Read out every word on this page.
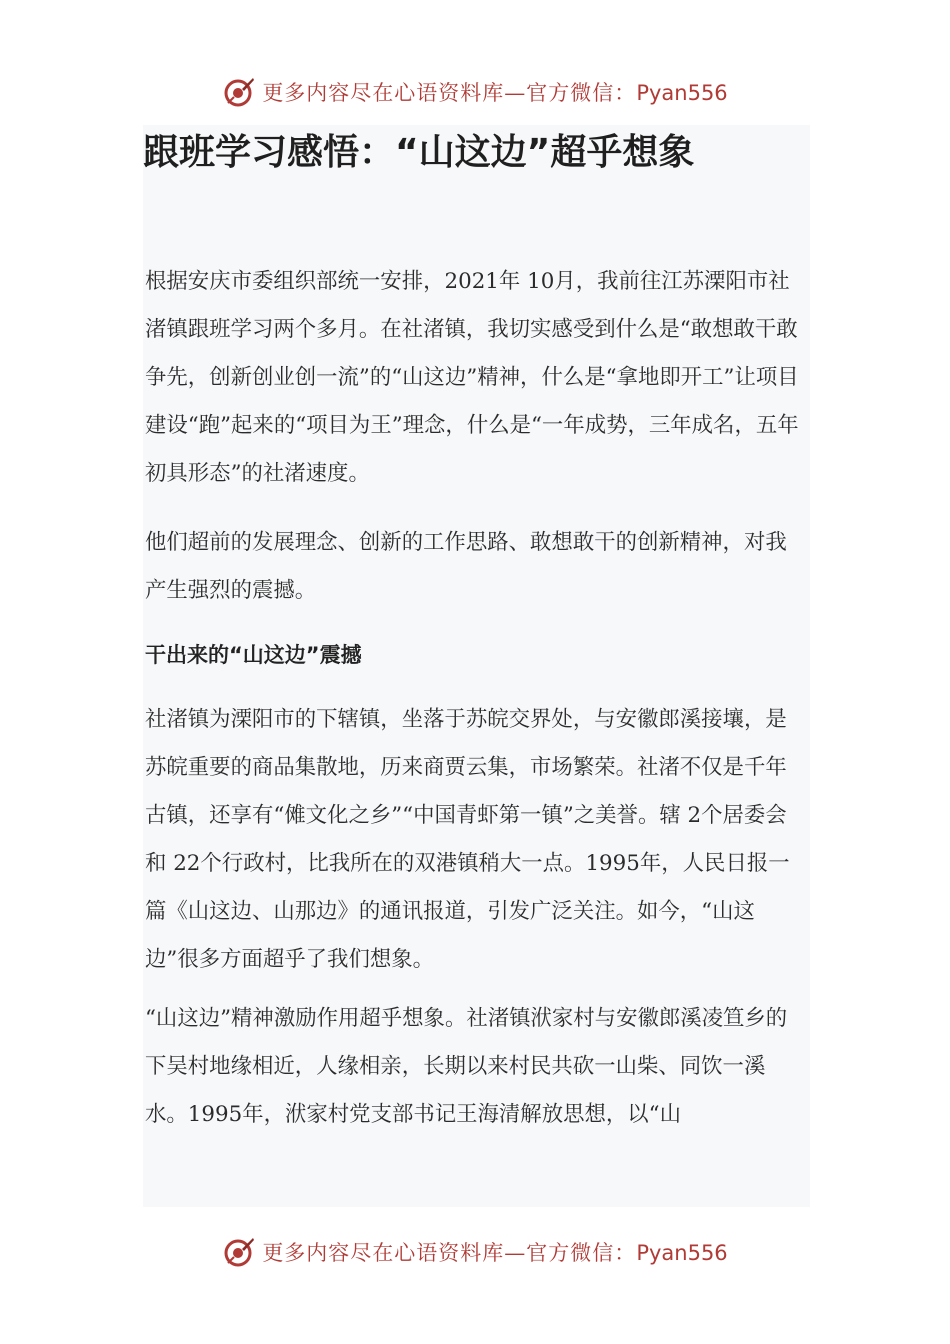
更多内容尽在心语资料库—官方微信：Pyan556
跟班学习感悟：“山这边”超乎想象

根据安庆市委组织部统一安排，2021年 10月，我前往江苏溧阳市社渚镇跟班学习两个多月。在社渚镇，我切实感受到什么是“敢想敢干敢争先，创新创业创一流”的“山这边”精神，什么是“拿地即开工”让项目建设“跑”起来的“项目为王”理念，什么是“一年成势，三年成名，五年初具形态”的社渚速度。

他们超前的发展理念、创新的工作思路、敢想敢干的创新精神，对我产生强烈的震撼。

干出来的“山这边”震撼

社渚镇为溧阳市的下辖镇，坐落于苏皖交界处，与安徽郎溪接壤，是苏皖重要的商品集散地，历来商贾云集，市场繁荣。社渚不仅是千年古镇，还享有“傩文化之乡”“中国青虾第一镇”之美誉。辖 2个居委会和 22个行政村，比我所在的双港镇稍大一点。1995年，人民日报一篇《山这边、山那边》的通讯报道，引发广泛关注。如今，“山这边”很多方面超乎了我们想象。

“山这边”精神激励作用超乎想象。社渚镇洑家村与安徽郎溪凌笪乡的下吴村地缘相近，人缘相亲，长期以来村民共砍一山柴、同饮一溪水。1995年，洑家村党支部书记王海清解放思想，以“山

更多内容尽在心语资料库—官方微信：Pyan556
